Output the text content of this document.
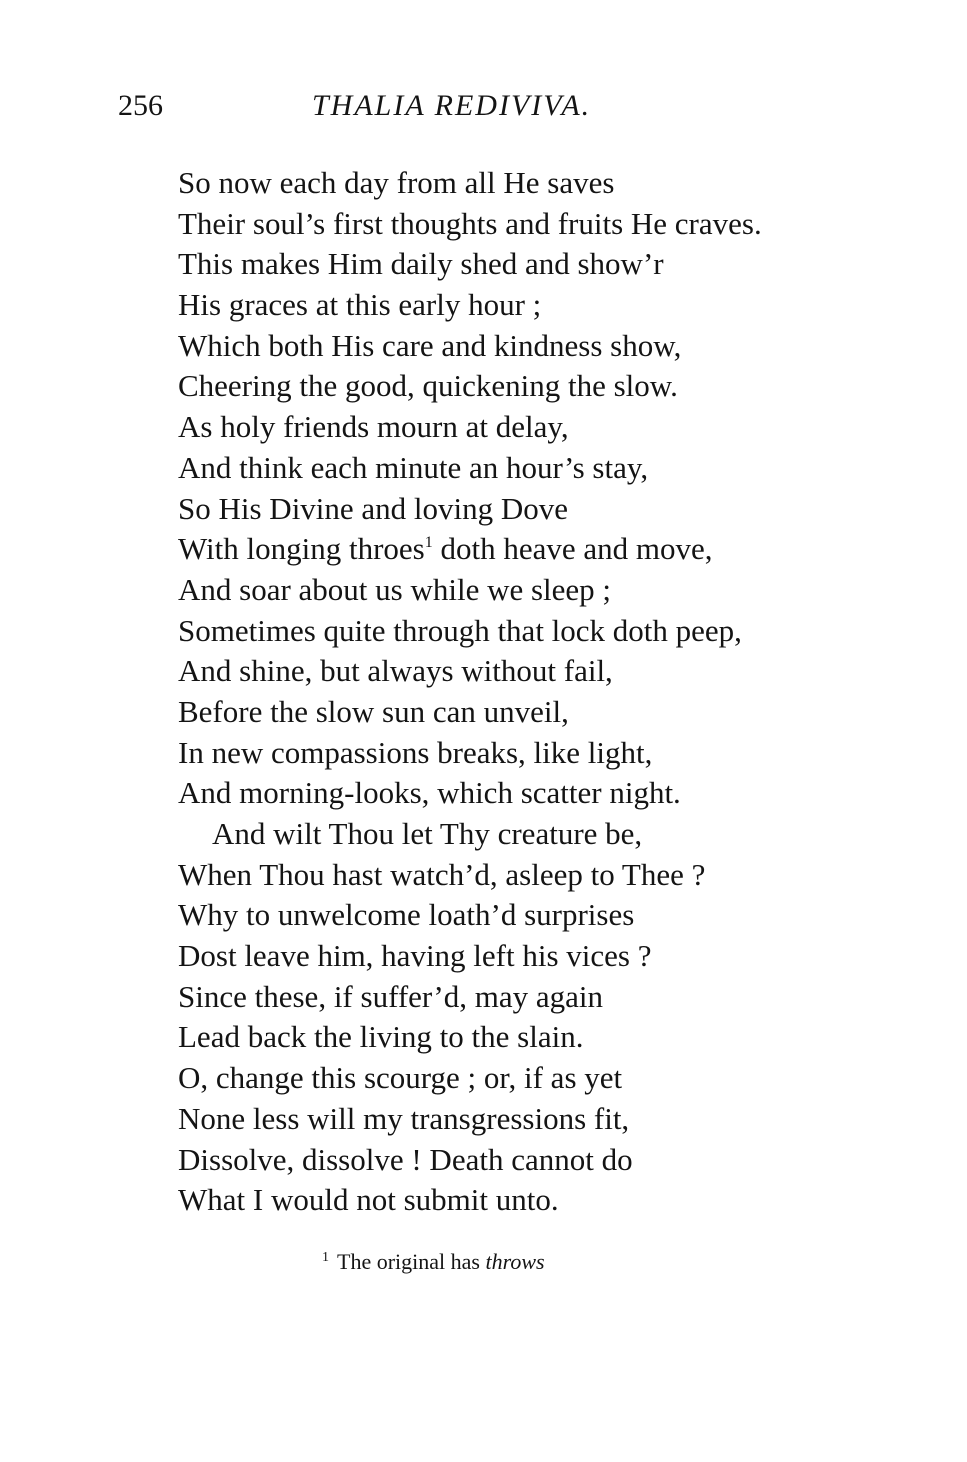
256	THALIA REDIVIVA.
So now each day from all He saves
Their soul’s first thoughts and fruits He craves.
This makes Him daily shed and show’r
His graces at this early hour ;
Which both His care and kindness show,
Cheering the good, quickening the slow.
As holy friends mourn at delay,
And think each minute an hour’s stay,
So His Divine and loving Dove
With longing throes$^1$ doth heave and move,
And soar about us while we sleep ;
Sometimes quite through that lock doth peep,
And shine, but always without fail,
Before the slow sun can unveil,
In new compassions breaks, like light,
And morning-looks, which scatter night.
And wilt Thou let Thy creature be,
When Thou hast watch’d, asleep to Thee ?
Why to unwelcome loath’d surprises
Dost leave him, having left his vices ?
Since these, if suffer’d, may again
Lead back the living to the slain.
O, change this scourge ; or, if as yet
None less will my transgressions fit,
Dissolve, dissolve ! Death cannot do
What I would not submit unto.
$^1$ The original has throws
